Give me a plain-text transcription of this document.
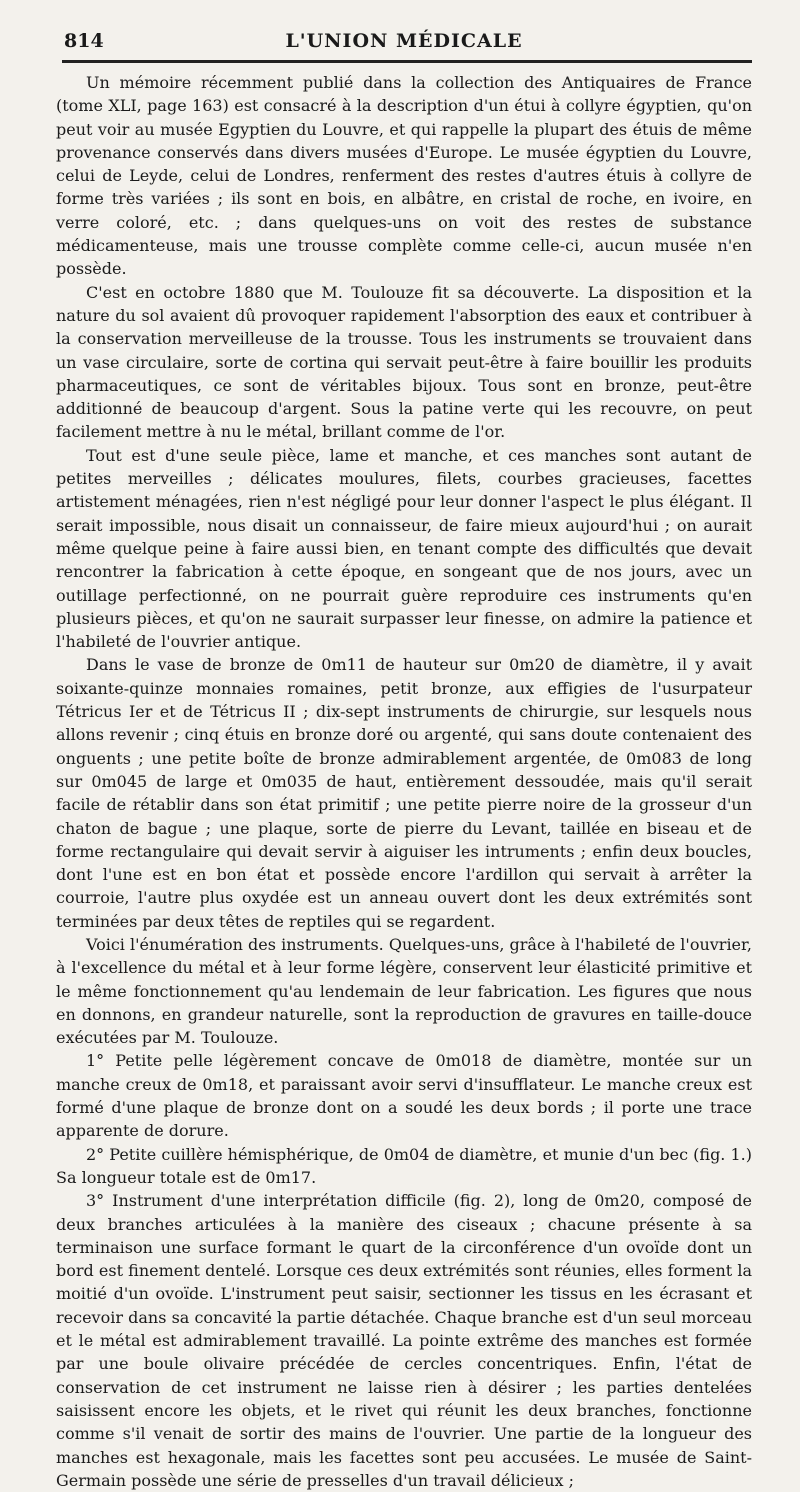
814	L'UNION MÉDICALE

Un mémoire récemment publié dans la collection des Antiquaires de France (tome XLI, page 163) est consacré à la description d'un étui à collyre égyptien, qu'on peut voir au musée Egyptien du Louvre, et qui rappelle la plupart des étuis de même provenance conservés dans divers musées d'Europe. Le musée égyptien du Louvre, celui de Leyde, celui de Londres, renferment des restes d'autres étuis à collyre de forme très variées ; ils sont en bois, en albâtre, en cristal de roche, en ivoire, en verre coloré, etc. ; dans quelques-uns on voit des restes de substance médicamenteuse, mais une trousse complète comme celle-ci, aucun musée n'en possède.

C'est en octobre 1880 que M. Toulouze fit sa découverte. La disposition et la nature du sol avaient dû provoquer rapidement l'absorption des eaux et contribuer à la conservation merveilleuse de la trousse. Tous les instruments se trouvaient dans un vase circulaire, sorte de cortina qui servait peut-être à faire bouillir les produits pharmaceutiques, ce sont de véritables bijoux. Tous sont en bronze, peut-être additionné de beaucoup d'argent. Sous la patine verte qui les recouvre, on peut facilement mettre à nu le métal, brillant comme de l'or.

Tout est d'une seule pièce, lame et manche, et ces manches sont autant de petites merveilles ; délicates moulures, filets, courbes gracieuses, facettes artistement ménagées, rien n'est négligé pour leur donner l'aspect le plus élégant. Il serait impossible, nous disait un connaisseur, de faire mieux aujourd'hui ; on aurait même quelque peine à faire aussi bien, en tenant compte des difficultés que devait rencontrer la fabrication à cette époque, en songeant que de nos jours, avec un outillage perfectionné, on ne pourrait guère reproduire ces instruments qu'en plusieurs pièces, et qu'on ne saurait surpasser leur finesse, on admire la patience et l'habileté de l'ouvrier antique.

Dans le vase de bronze de 0m11 de hauteur sur 0m20 de diamètre, il y avait soixante-quinze monnaies romaines, petit bronze, aux effigies de l'usurpateur Tétricus Ier et de Tétricus II ; dix-sept instruments de chirurgie, sur lesquels nous allons revenir ; cinq étuis en bronze doré ou argenté, qui sans doute contenaient des onguents ; une petite boîte de bronze admirablement argentée, de 0m083 de long sur 0m045 de large et 0m035 de haut, entièrement dessoudée, mais qu'il serait facile de rétablir dans son état primitif ; une petite pierre noire de la grosseur d'un chaton de bague ; une plaque, sorte de pierre du Levant, taillée en biseau et de forme rectangulaire qui devait servir à aiguiser les intruments ; enfin deux boucles, dont l'une est en bon état et possède encore l'ardillon qui servait à arrêter la courroie, l'autre plus oxydée est un anneau ouvert dont les deux extrémités sont terminées par deux têtes de reptiles qui se regardent.

Voici l'énumération des instruments. Quelques-uns, grâce à l'habileté de l'ouvrier, à l'excellence du métal et à leur forme légère, conservent leur élasticité primitive et le même fonctionnement qu'au lendemain de leur fabrication. Les figures que nous en donnons, en grandeur naturelle, sont la reproduction de gravures en taille-douce exécutées par M. Toulouze.

1° Petite pelle légèrement concave de 0m018 de diamètre, montée sur un manche creux de 0m18, et paraissant avoir servi d'insufflateur. Le manche creux est formé d'une plaque de bronze dont on a soudé les deux bords ; il porte une trace apparente de dorure.

2° Petite cuillère hémisphérique, de 0m04 de diamètre, et munie d'un bec (fig. 1.) Sa longueur totale est de 0m17.

3° Instrument d'une interprétation difficile (fig. 2), long de 0m20, composé de deux branches articulées à la manière des ciseaux ; chacune présente à sa terminaison une surface formant le quart de la circonférence d'un ovoïde dont un bord est finement dentelé. Lorsque ces deux extrémités sont réunies, elles forment la moitié d'un ovoïde. L'instrument peut saisir, sectionner les tissus en les écrasant et recevoir dans sa concavité la partie détachée. Chaque branche est d'un seul morceau et le métal est admirablement travaillé. La pointe extrême des manches est formée par une boule olivaire précédée de cercles concentriques. Enfin, l'état de conservation de cet instrument ne laisse rien à désirer ; les parties dentelées saisissent encore les objets, et le rivet qui réunit les deux branches, fonctionne comme s'il venait de sortir des mains de l'ouvrier. Une partie de la longueur des manches est hexagonale, mais les facettes sont peu accusées. Le musée de Saint-Germain possède une série de presselles d'un travail délicieux ;
